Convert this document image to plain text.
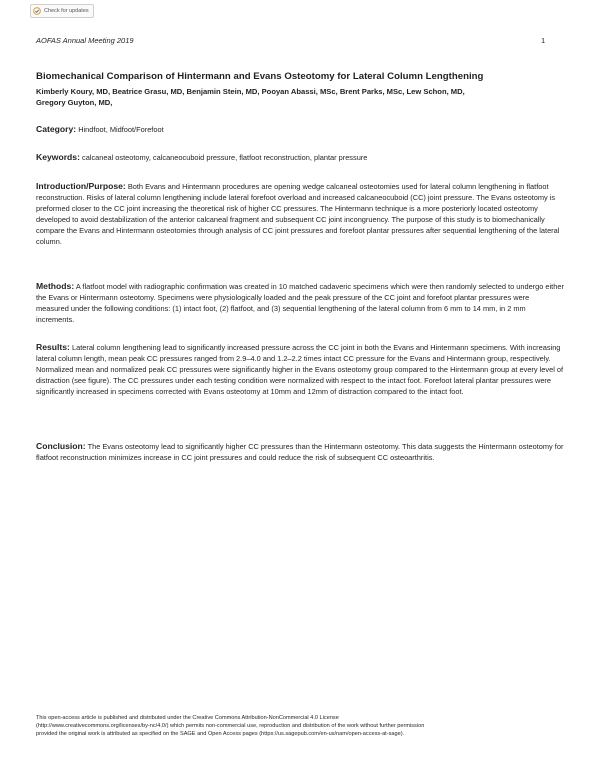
Check for updates
AOFAS Annual Meeting 2019	1
Biomechanical Comparison of Hintermann and Evans Osteotomy for Lateral Column Lengthening
Kimberly Koury, MD, Beatrice Grasu, MD, Benjamin Stein, MD, Pooyan Abassi, MSc, Brent Parks, MSc, Lew Schon, MD,
Gregory Guyton, MD,

Category: Hindfoot, Midfoot/Forefoot

Keywords: calcaneal osteotomy, calcaneocuboid pressure, flatfoot reconstruction, plantar pressure

Introduction/Purpose: Both Evans and Hintermann procedures are opening wedge calcaneal osteotomies used for lateral column lengthening in flatfoot reconstruction. Risks of lateral column lengthening include lateral forefoot overload and increased calcaneocuboid (CC) joint pressure. The Evans osteotomy is preformed closer to the CC joint increasing the theoretical risk of higher CC pressures. The Hintermann technique is a more posteriorly located osteotomy developed to avoid destabilization of the anterior calcaneal fragment and subsequent CC joint incongruency. The purpose of this study is to biomechanically compare the Evans and Hintermann osteotomies through analysis of CC joint pressures and forefoot plantar pressures after sequential lengthening of the lateral column.

Methods: A flatfoot model with radiographic confirmation was created in 10 matched cadaveric specimens which were then randomly selected to undergo either the Evans or Hintermann osteotomy. Specimens were physiologically loaded and the peak pressure of the CC joint and forefoot plantar pressures were measured under the following conditions: (1) intact foot, (2) flatfoot, and (3) sequential lengthening of the lateral column from 6 mm to 14 mm, in 2 mm increments.

Results: Lateral column lengthening lead to significantly increased pressure across the CC joint in both the Evans and Hintermann specimens. With increasing lateral column length, mean peak CC pressures ranged from 2.9–4.0 and 1.2–2.2 times intact CC pressure for the Evans and Hintermann group, respectively. Normalized mean and normalized peak CC pressures were significantly higher in the Evans osteotomy group compared to the Hintermann group at every level of distraction (see figure). The CC pressures under each testing condition were normalized with respect to the intact foot. Forefoot lateral plantar pressures were significantly increased in specimens corrected with Evans osteotomy at 10mm and 12mm of distraction compared to the intact foot.

Conclusion: The Evans osteotomy lead to significantly higher CC pressures than the Hintermann osteotomy. This data suggests the Hintermann osteotomy for flatfoot reconstruction minimizes increase in CC joint pressures and could reduce the risk of subsequent CC osteoarthritis.

This open-access article is published and distributed under the Creative Commons Attribution-NonCommercial 4.0 License
(http://www.creativecommons.org/licenses/by-nc/4.0/) which permits non-commercial use, reproduction and distribution of the work without further permission
provided the original work is attributed as specified on the SAGE and Open Access pages (https://us.sagepub.com/en-us/nam/open-access-at-sage).
